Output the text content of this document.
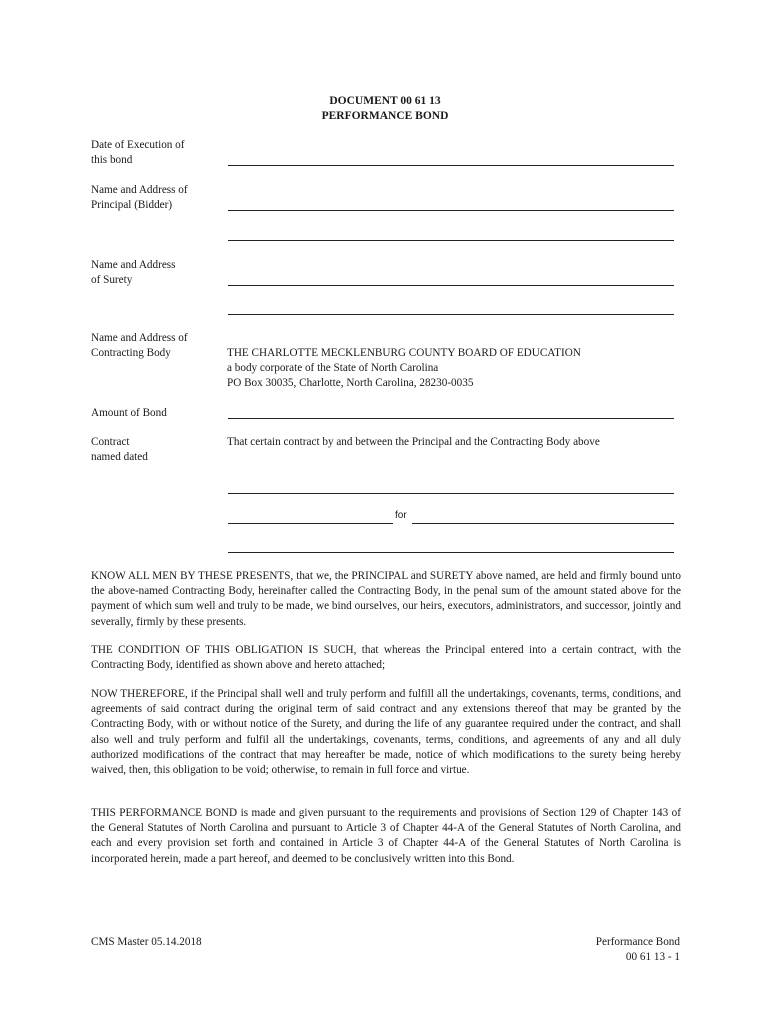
DOCUMENT 00 61 13
PERFORMANCE BOND
Date of Execution of
this bond
Name and Address of
Principal (Bidder)
Name and Address
of Surety
Name and Address of
Contracting Body	THE CHARLOTTE MECKLENBURG COUNTY BOARD OF EDUCATION
a body corporate of the State of North Carolina
PO Box 30035, Charlotte, North Carolina, 28230-0035
Amount of Bond
Contract
named dated
That certain contract by and between the Principal and the Contracting Body above
for

KNOW ALL MEN BY THESE PRESENTS, that we, the PRINCIPAL and SURETY above named, are held and firmly bound unto the above-named Contracting Body, hereinafter called the Contracting Body, in the penal sum of the amount stated above for the payment of which sum well and truly to be made, we bind ourselves, our heirs, executors, administrators, and successor, jointly and severally, firmly by these presents.

THE CONDITION OF THIS OBLIGATION IS SUCH, that whereas the Principal entered into a certain contract, with the Contracting Body, identified as shown above and hereto attached;

NOW THEREFORE, if the Principal shall well and truly perform and fulfill all the undertakings, covenants, terms, conditions, and agreements of said contract during the original term of said contract and any extensions thereof that may be granted by the Contracting Body, with or without notice of the Surety, and during the life of any guarantee required under the contract, and shall also well and truly perform and fulfil all the undertakings, covenants, terms, conditions, and agreements of any and all duly authorized modifications of the contract that may hereafter be made, notice of which modifications to the surety being hereby waived, then, this obligation to be void; otherwise, to remain in full force and virtue.

THIS PERFORMANCE BOND is made and given pursuant to the requirements and provisions of Section 129 of Chapter 143 of the General Statutes of North Carolina and pursuant to Article 3 of Chapter 44-A of the General Statutes of North Carolina, and each and every provision set forth and contained in Article 3 of Chapter 44-A of the General Statutes of North Carolina is incorporated herein, made a part hereof, and deemed to be conclusively written into this Bond.

CMS Master 05.14.2018	Performance Bond
00 61 13 - 1
